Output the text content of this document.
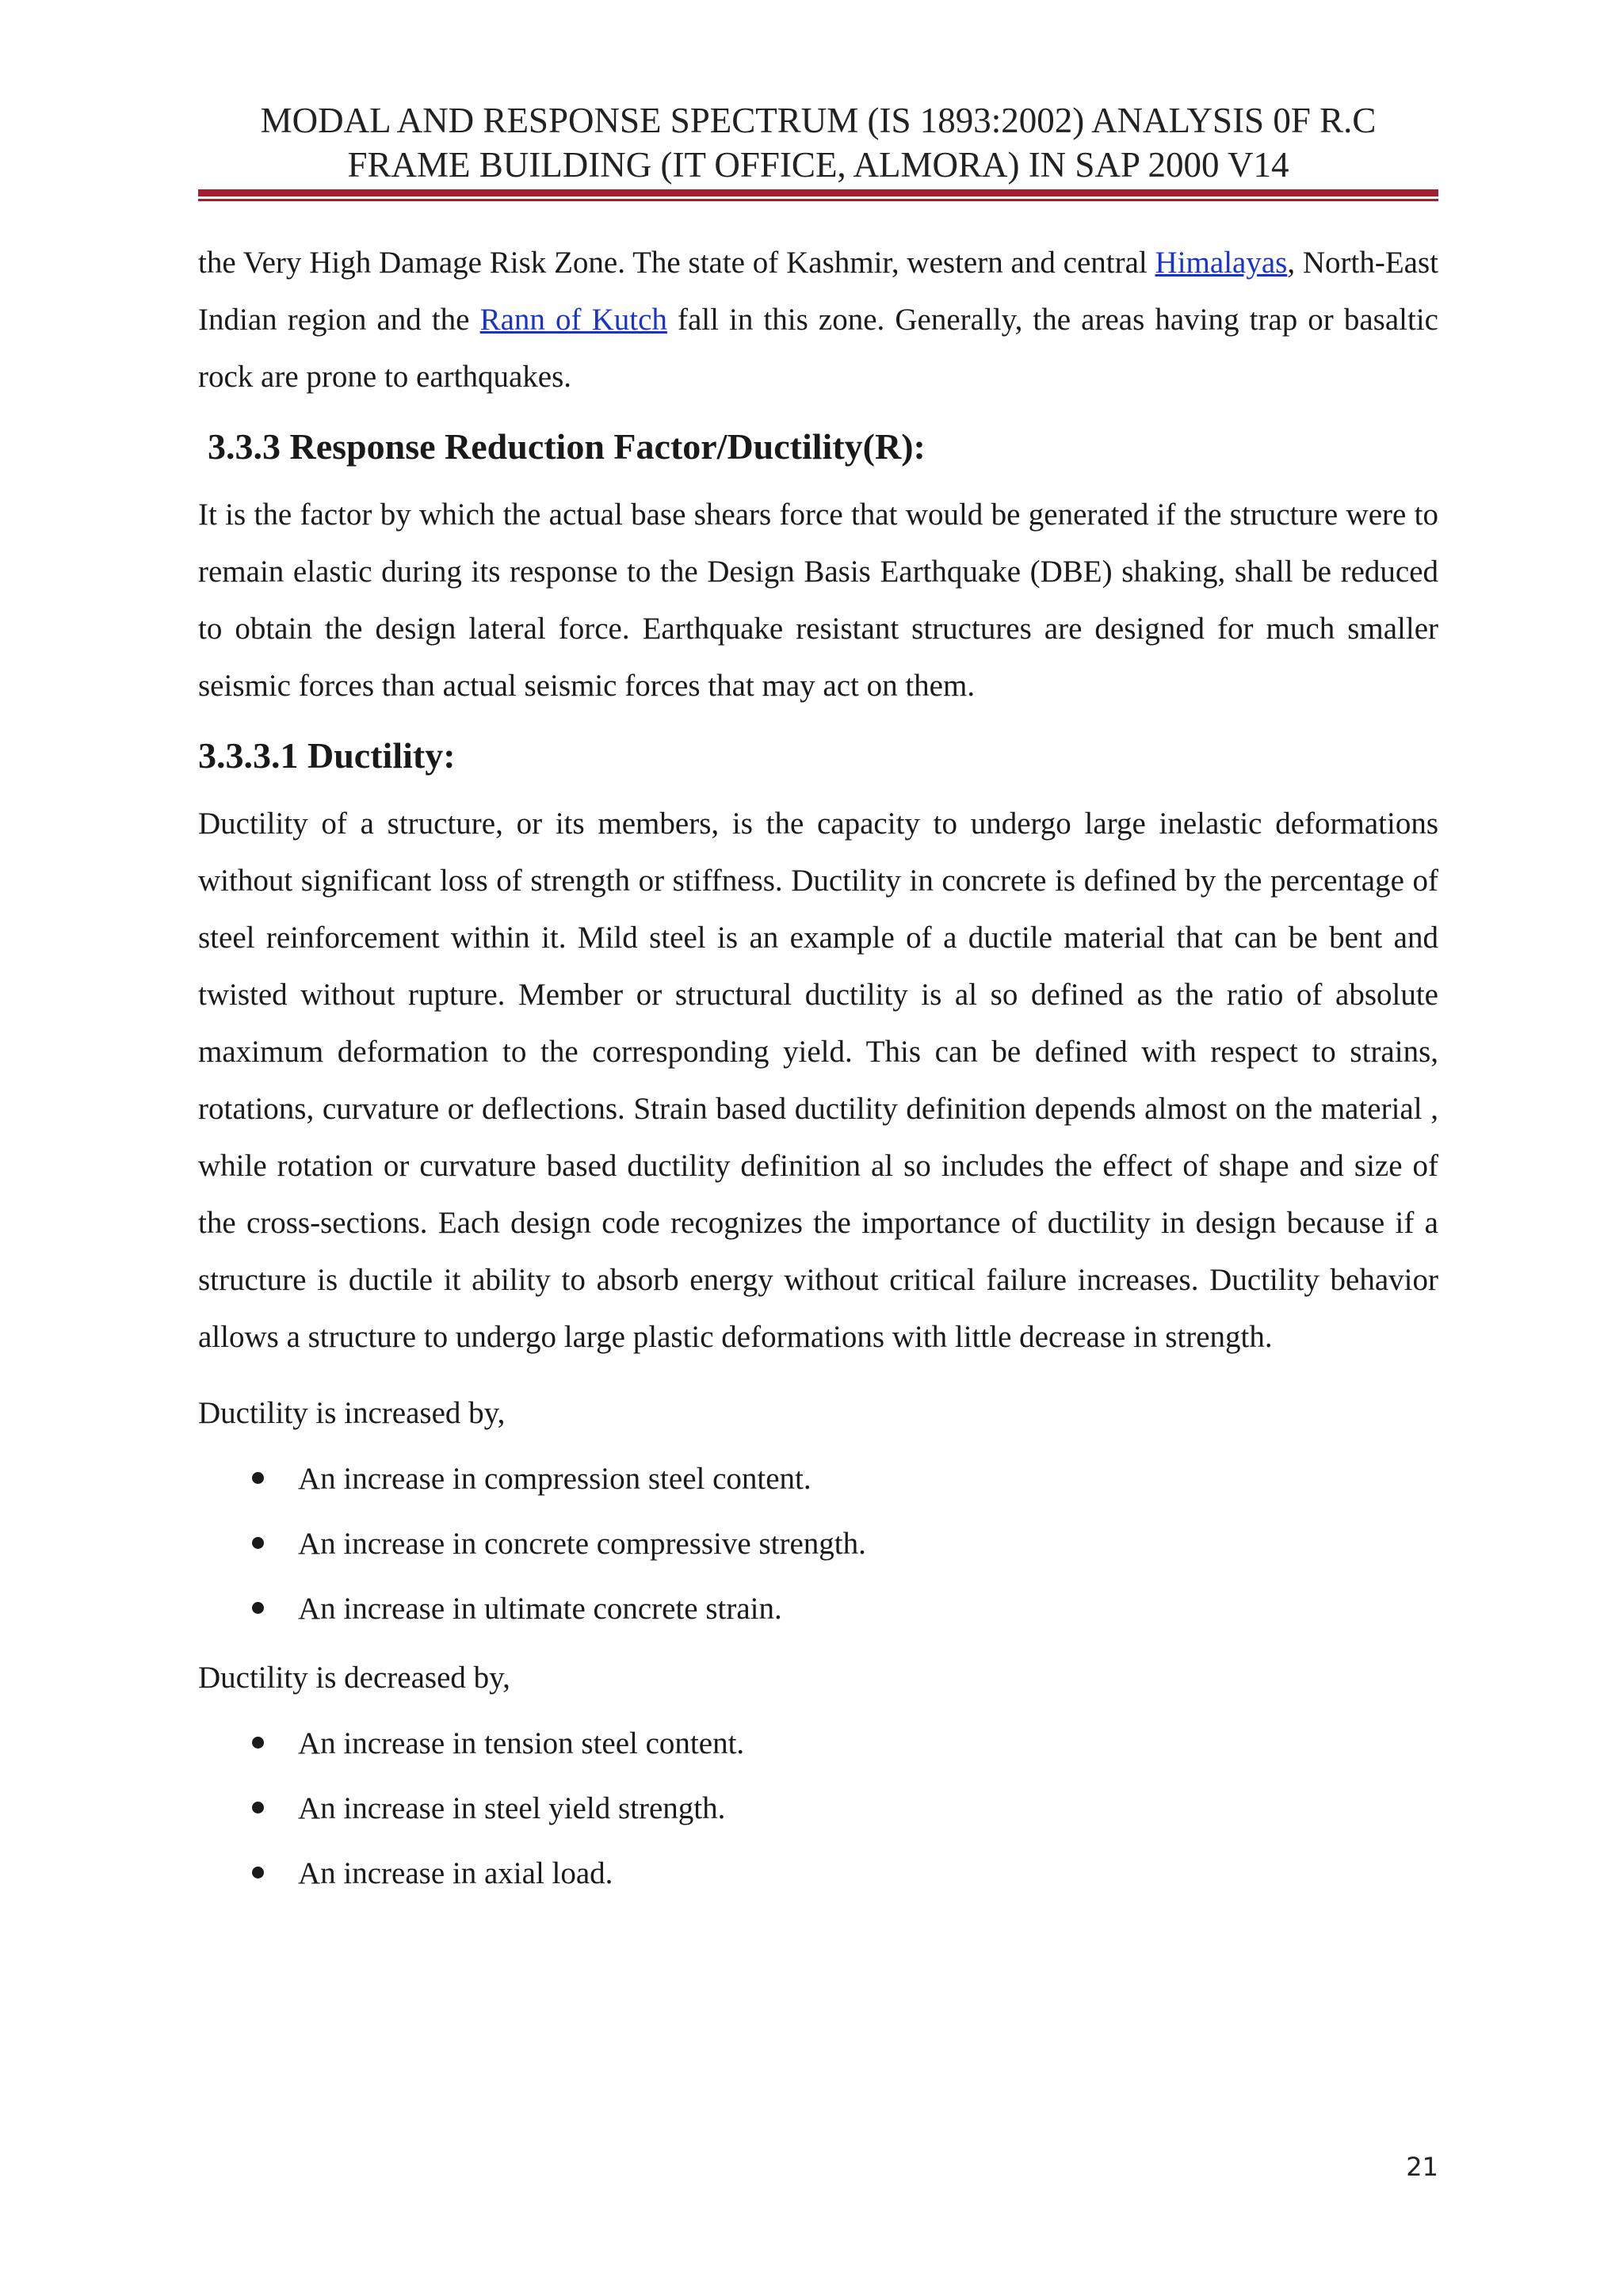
MODAL AND RESPONSE SPECTRUM (IS 1893:2002) ANALYSIS 0F R.C
FRAME BUILDING (IT OFFICE, ALMORA) IN SAP 2000 V14

the Very High Damage Risk Zone. The state of Kashmir, western and central Himalayas, North-East Indian region and the Rann of Kutch fall in this zone. Generally, the areas having trap or basaltic rock are prone to earthquakes.

3.3.3 Response Reduction Factor/Ductility(R):

It is the factor by which the actual base shears force that would be generated if the structure were to remain elastic during its response to the Design Basis Earthquake (DBE) shaking, shall be reduced to obtain the design lateral force. Earthquake resistant structures are designed for much smaller seismic forces than actual seismic forces that may act on them.

3.3.3.1 Ductility:

Ductility of a structure, or its members, is the capacity to undergo large inelastic deformations without significant loss of strength or stiffness. Ductility in concrete is defined by the percentage of steel reinforcement within it. Mild steel is an example of a ductile material that can be bent and twisted without rupture. Member or structural ductility is al so defined as the ratio of absolute maximum deformation to the corresponding yield. This can be defined with respect to strains, rotations, curvature or deflections. Strain based ductility definition depends almost on the material , while rotation or curvature based ductility definition al so includes the effect of shape and size of the cross-sections. Each design code recognizes the importance of ductility in design because if a structure is ductile it ability to absorb energy without critical failure increases. Ductility behavior allows a structure to undergo large plastic deformations with little decrease in strength.

Ductility is increased by,

An increase in compression steel content.
An increase in concrete compressive strength.
An increase in ultimate concrete strain.

Ductility is decreased by,

An increase in tension steel content.
An increase in steel yield strength.
An increase in axial load.
21
